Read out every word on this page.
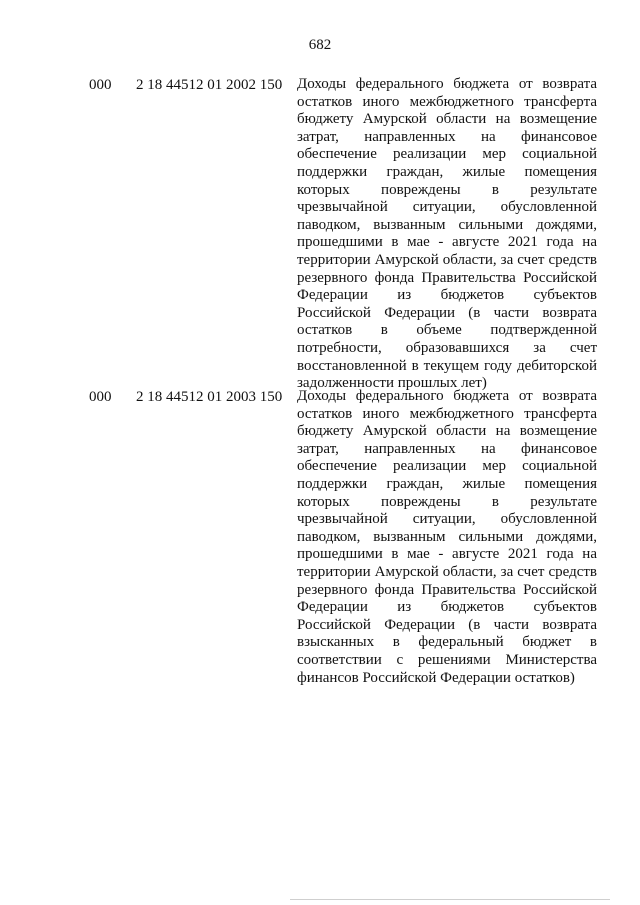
682
000 2 18 44512 01 2002 150 Доходы федерального бюджета от возврата остатков иного межбюджетного трансферта бюджету Амурской области на возмещение затрат, направленных на финансовое обеспечение реализации мер социальной поддержки граждан, жилые помещения которых повреждены в результате чрезвычайной ситуации, обусловленной паводком, вызванным сильными дождями, прошедшими в мае - августе 2021 года на территории Амурской области, за счет средств резервного фонда Правительства Российской Федерации из бюджетов субъектов Российской Федерации (в части возврата остатков в объеме подтвержденной потребности, образовавшихся за счет восстановленной в текущем году дебиторской задолженности прошлых лет)

000 2 18 44512 01 2003 150 Доходы федерального бюджета от возврата остатков иного межбюджетного трансферта бюджету Амурской области на возмещение затрат, направленных на финансовое обеспечение реализации мер социальной поддержки граждан, жилые помещения которых повреждены в результате чрезвычайной ситуации, обусловленной паводком, вызванным сильными дождями, прошедшими в мае - августе 2021 года на территории Амурской области, за счет средств резервного фонда Правительства Российской Федерации из бюджетов субъектов Российской Федерации (в части возврата взысканных в федеральный бюджет в соответствии с решениями Министерства финансов Российской Федерации остатков)
